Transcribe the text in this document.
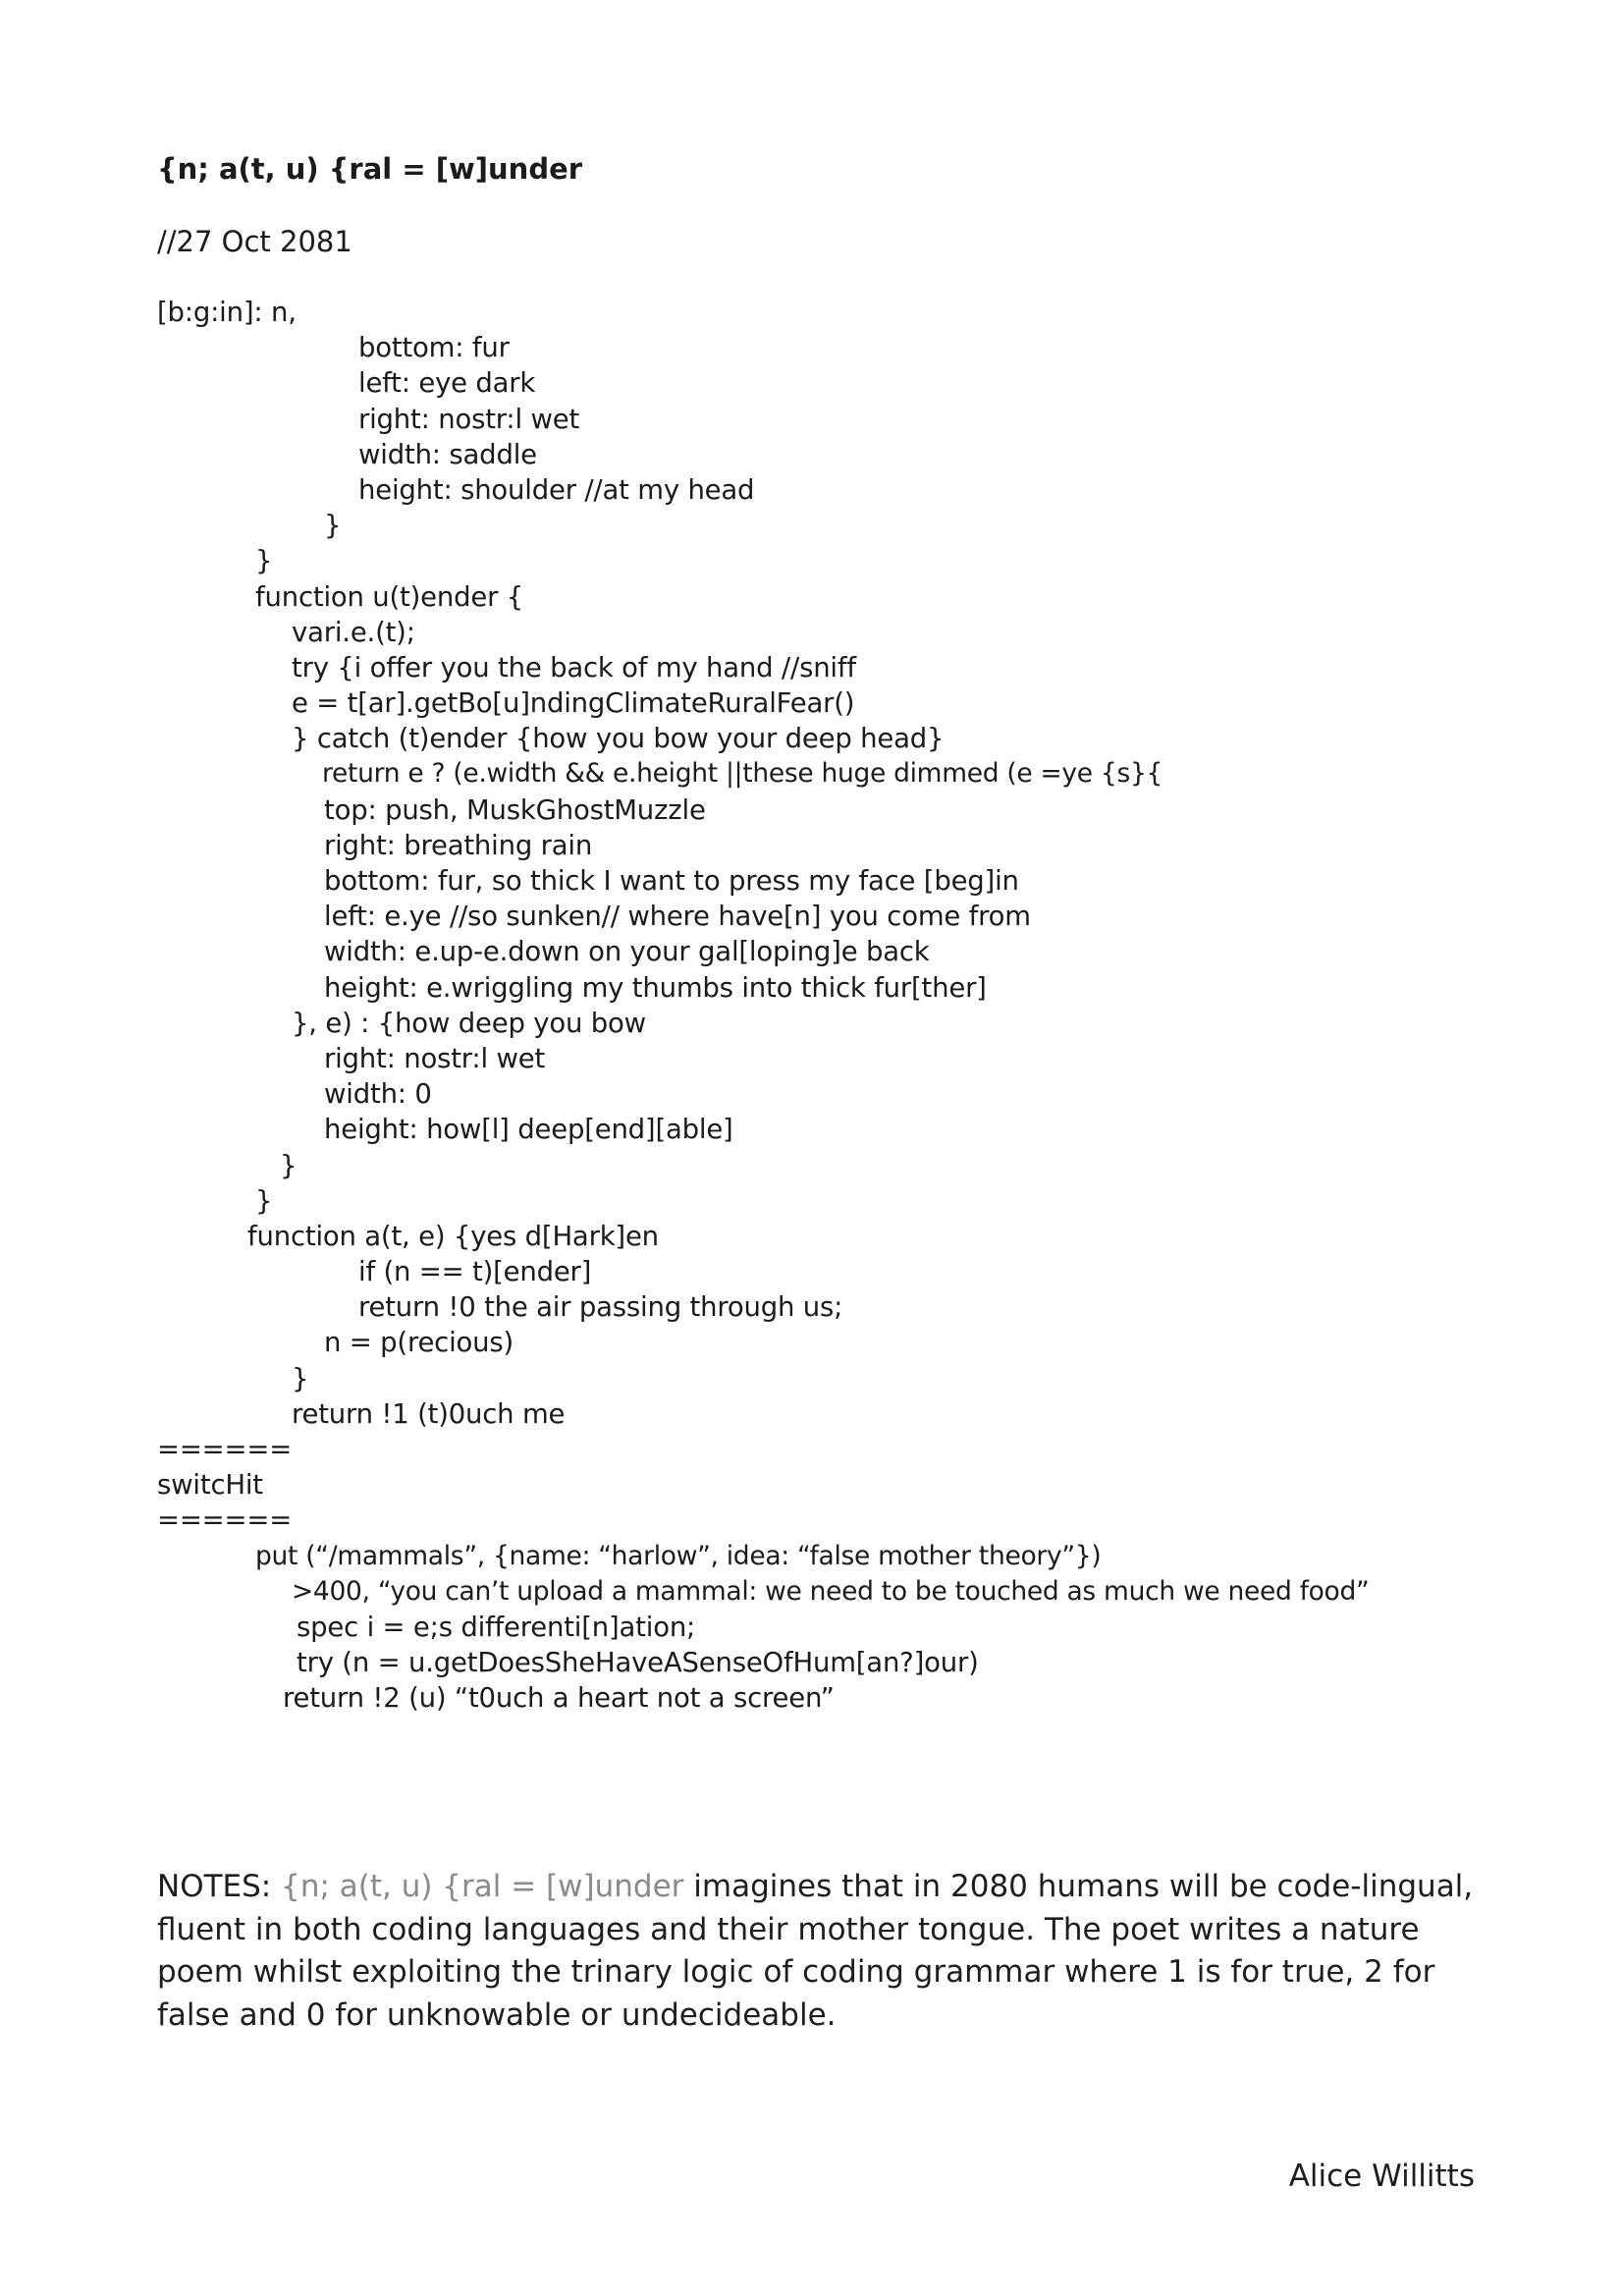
{n; a(t, u) {ral = [w]under
//27 Oct 2081
[b:g:in]: n,
bottom: fur
left: eye dark
right: nostr:l wet
width: saddle
height: shoulder //at my head
}
}
function u(t)ender {
vari.e.(t);
try {i offer you the back of my hand //sniff
e = t[ar].getBo[u]ndingClimateRuralFear()
} catch (t)ender {how you bow your deep head}
return e ? (e.width && e.height ||these huge dimmed (e =ye {s}{
top: push, MuskGhostMuzzle
right: breathing rain
bottom: fur, so thick I want to press my face [beg]in
left: e.ye //so sunken// where have[n] you come from
width: e.up-e.down on your gal[loping]e back
height: e.wriggling my thumbs into thick fur[ther]
}, e) : {how deep you bow
right: nostr:l wet
width: 0
height: how[l] deep[end][able]
}
}
function a(t, e) {yes d[Hark]en
if (n == t)[ender]
return !0 the air passing through us;
n = p(recious)
}
return !1 (t)0uch me
======
switcHit
======
put (“/mammals”, {name: “harlow”, idea: “false mother theory”})
>400, “you can’t upload a mammal: we need to be touched as much we need food”
spec i = e;s differenti[n]ation;
try (n = u.getDoesSheHaveASenseOfHum[an?]our)
return !2 (u) “t0uch a heart not a screen”

NOTES: {n; a(t, u) {ral = [w]under imagines that in 2080 humans will be code-lingual, fluent in both coding languages and their mother tongue. The poet writes a nature poem whilst exploiting the trinary logic of coding grammar where 1 is for true, 2 for false and 0 for unknowable or undecideable.

Alice Willitts
